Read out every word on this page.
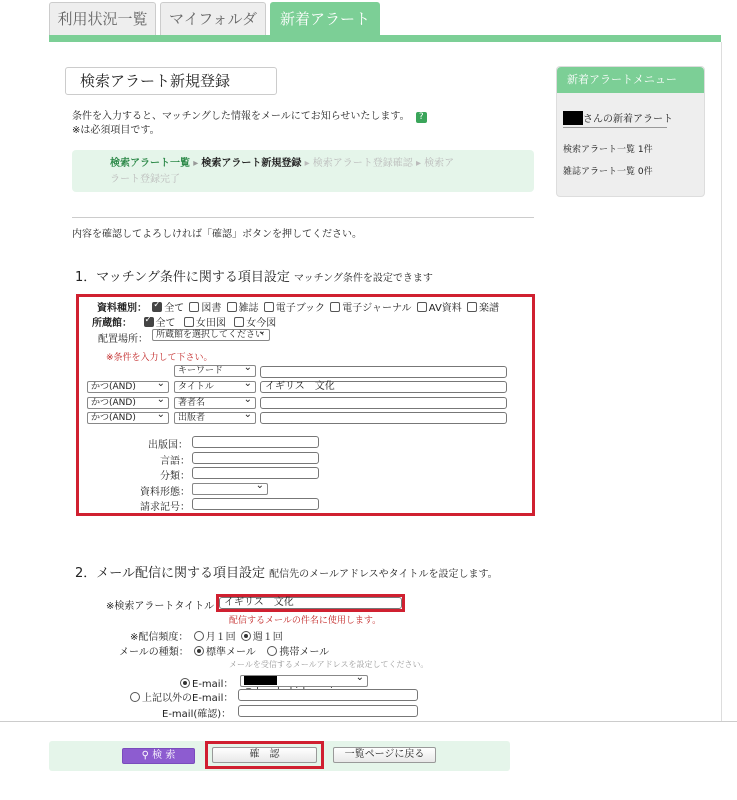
利用状況一覧	マイフォルダ	新着アラート
検索アラート新規登録
条件を入力すると、マッチングした情報をメールにてお知らせいたします。 ?
※は必須項目です。
検索アラート一覧 ▸ 検索アラート新規登録 ▸ 検索アラート登録確認 ▸ 検索ア
ラート登録完了
内容を確認してよろしければ「確認」ボタンを押してください。
1．マッチング条件に関する項目設定 マッチング条件を設定できます
資料種別： ✓ 全て 図書 雑誌 電子ブック 電子ジャーナル AV資料 楽譜
所蔵館： ✓ 全て 女田図 女今図
配置場所： 所蔵館を選択してください ⌄
※条件を入力して下さい。
キーワード ⌄
かつ(AND) ⌄	タイトル ⌄	イギリス　文化
かつ(AND) ⌄	著者名 ⌄
かつ(AND) ⌄	出版者 ⌄
出版国：
言語：
分類：
資料形態：
⌄
請求記号：
2．メール配信に関する項目設定 配信先のメールアドレスやタイトルを設定します。
※検索アラートタイトル イギリス　文化
配信するメールの件名に使用します。
※配信頻度： 月１回 週１回
メールの種類： 標準メール 携帯メール
メールを受信するメールアドレスを設定してください。
E-mail：
⌄
上記以外のE-mail：
E-mail(確認)：
新着アラートメニュー
さんの新着アラート
検索アラート一覧 1件
雑誌アラート一覧 0件
⚲ 検 索	確　認	一覧ページに戻る
